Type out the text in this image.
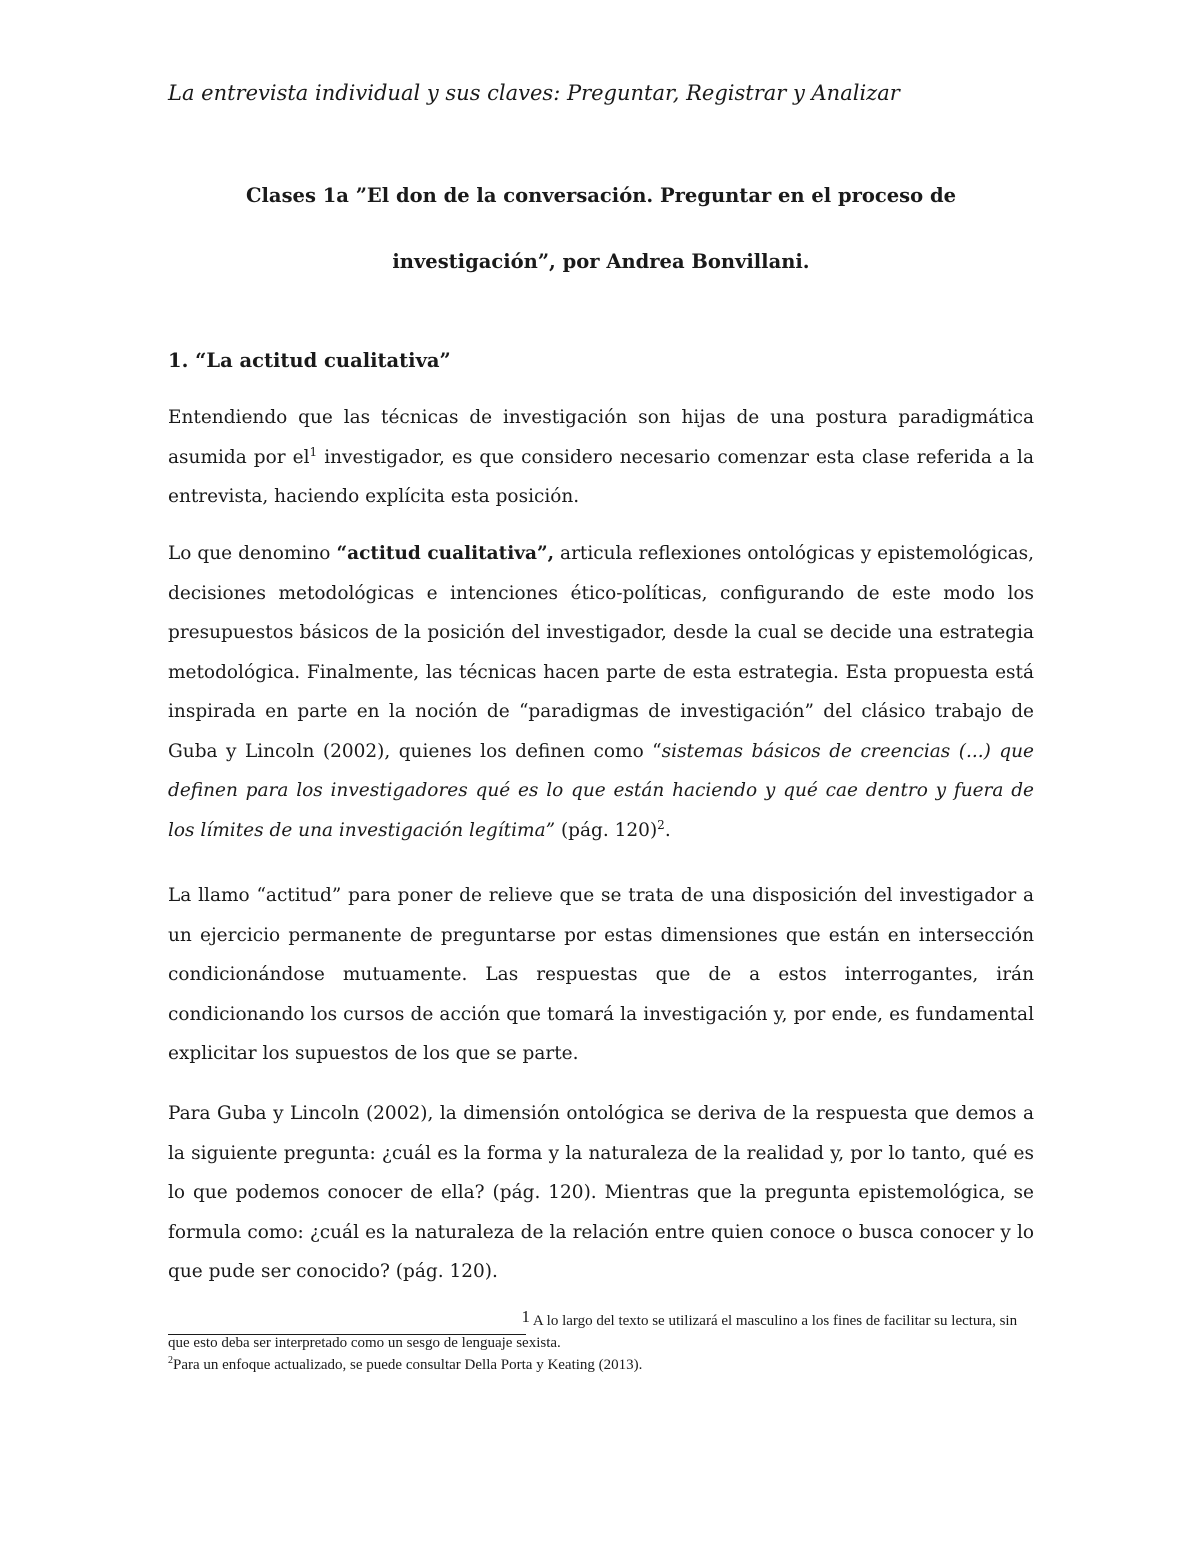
La entrevista individual y sus claves: Preguntar, Registrar y Analizar
Clases 1a ”El don de la conversación. Preguntar en el proceso de
investigación”, por Andrea Bonvillani.
1. “La actitud cualitativa”

Entendiendo que las técnicas de investigación son hijas de una postura paradigmática asumida por $el^1$ investigador, es que considero necesario comenzar esta clase referida a la entrevista, haciendo explícita esta posición.

Lo que denomino “actitud cualitativa”, articula reflexiones ontológicas y epistemológicas, decisiones metodológicas e intenciones ético-políticas, configurando de este modo los presupuestos básicos de la posición del investigador, desde la cual se decide una estrategia metodológica. Finalmente, las técnicas hacen parte de esta estrategia. Esta propuesta está inspirada en parte en la noción de “paradigmas de investigación” del clásico trabajo de Guba y Lincoln (2002), quienes los definen como “sistemas básicos de creencias (...) que definen para los investigadores qué es lo que están haciendo y qué cae dentro y fuera de los límites de una investigación legítima” (pág. 120)$^2$.

La llamo “actitud” para poner de relieve que se trata de una disposición del investigador a un ejercicio permanente de preguntarse por estas dimensiones que están en intersección condicionándose mutuamente. Las respuestas que de a estos interrogantes, irán condicionando los cursos de acción que tomará la investigación y, por ende, es fundamental explicitar los supuestos de los que se parte.

Para Guba y Lincoln (2002), la dimensión ontológica se deriva de la respuesta que demos a la siguiente pregunta: ¿cuál es la forma y la naturaleza de la realidad y, por lo tanto, qué es lo que podemos conocer de ella? (pág. 120). Mientras que la pregunta epistemológica, se formula como: ¿cuál es la naturaleza de la relación entre quien conoce o busca conocer y lo que pude ser conocido? (pág. 120).

1 A lo largo del texto se utilizará el masculino a los fines de facilitar su lectura, sin que esto deba ser interpretado como un sesgo de lenguaje sexista.
$^2$Para un enfoque actualizado, se puede consultar Della Porta y Keating (2013).
